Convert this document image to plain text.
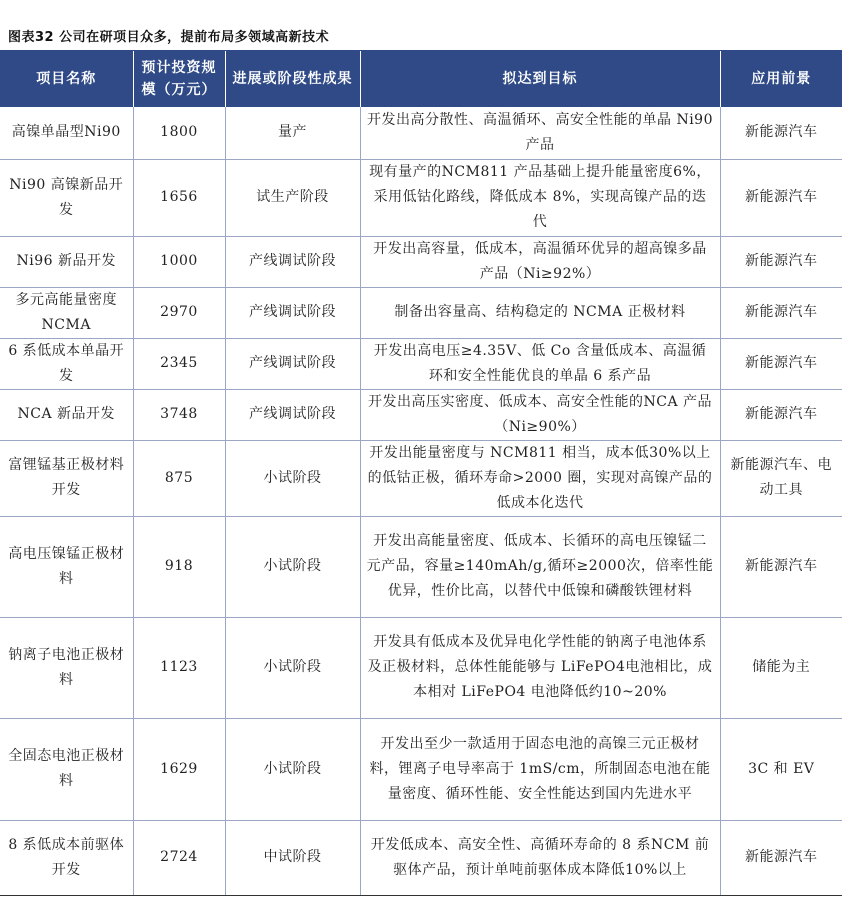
图表32 公司在研项目众多，提前布局多领域高新技术
项目名称	预计投资规模（万元）	进展或阶段性成果	拟达到目标	应用前景
高镍单晶型Ni90	1800	量产	开发出高分散性、高温循环、高安全性能的单晶 Ni90 产品	新能源汽车
Ni90 高镍新品开发	1656	试生产阶段	现有量产的NCM811 产品基础上提升能量密度6%，采用低钴化路线，降低成本 8%，实现高镍产品的迭代	新能源汽车
Ni96 新品开发	1000	产线调试阶段	开发出高容量，低成本，高温循环优异的超高镍多晶产品（Ni≥92%）	新能源汽车
多元高能量密度 NCMA	2970	产线调试阶段	制备出容量高、结构稳定的 NCMA 正极材料	新能源汽车
6 系低成本单晶开发	2345	产线调试阶段	开发出高电压≥4.35V、低 Co 含量低成本、高温循环和安全性能优良的单晶 6 系产品	新能源汽车
NCA 新品开发	3748	产线调试阶段	开发出高压实密度、低成本、高安全性能的NCA 产品（Ni≥90%）	新能源汽车
富锂锰基正极材料开发	875	小试阶段	开发出能量密度与 NCM811 相当，成本低30%以上的低钴正极，循环寿命>2000 圈，实现对高镍产品的低成本化迭代	新能源汽车、电动工具
高电压镍锰正极材料	918	小试阶段	开发出高能量密度、低成本、长循环的高电压镍锰二元产品，容量≥140mAh/g,循环≥2000次，倍率性能优异，性价比高，以替代中低镍和磷酸铁锂材料	新能源汽车
钠离子电池正极材料	1123	小试阶段	开发具有低成本及优异电化学性能的钠离子电池体系及正极材料，总体性能能够与 LiFePO4电池相比，成本相对 LiFePO4 电池降低约10~20%	储能为主
全固态电池正极材料	1629	小试阶段	开发出至少一款适用于固态电池的高镍三元正极材料，锂离子电导率高于 1mS/cm，所制固态电池在能量密度、循环性能、安全性能达到国内先进水平	3C 和 EV
8 系低成本前驱体开发	2724	中试阶段	开发低成本、高安全性、高循环寿命的 8 系NCM 前驱体产品，预计单吨前驱体成本降低10%以上	新能源汽车
